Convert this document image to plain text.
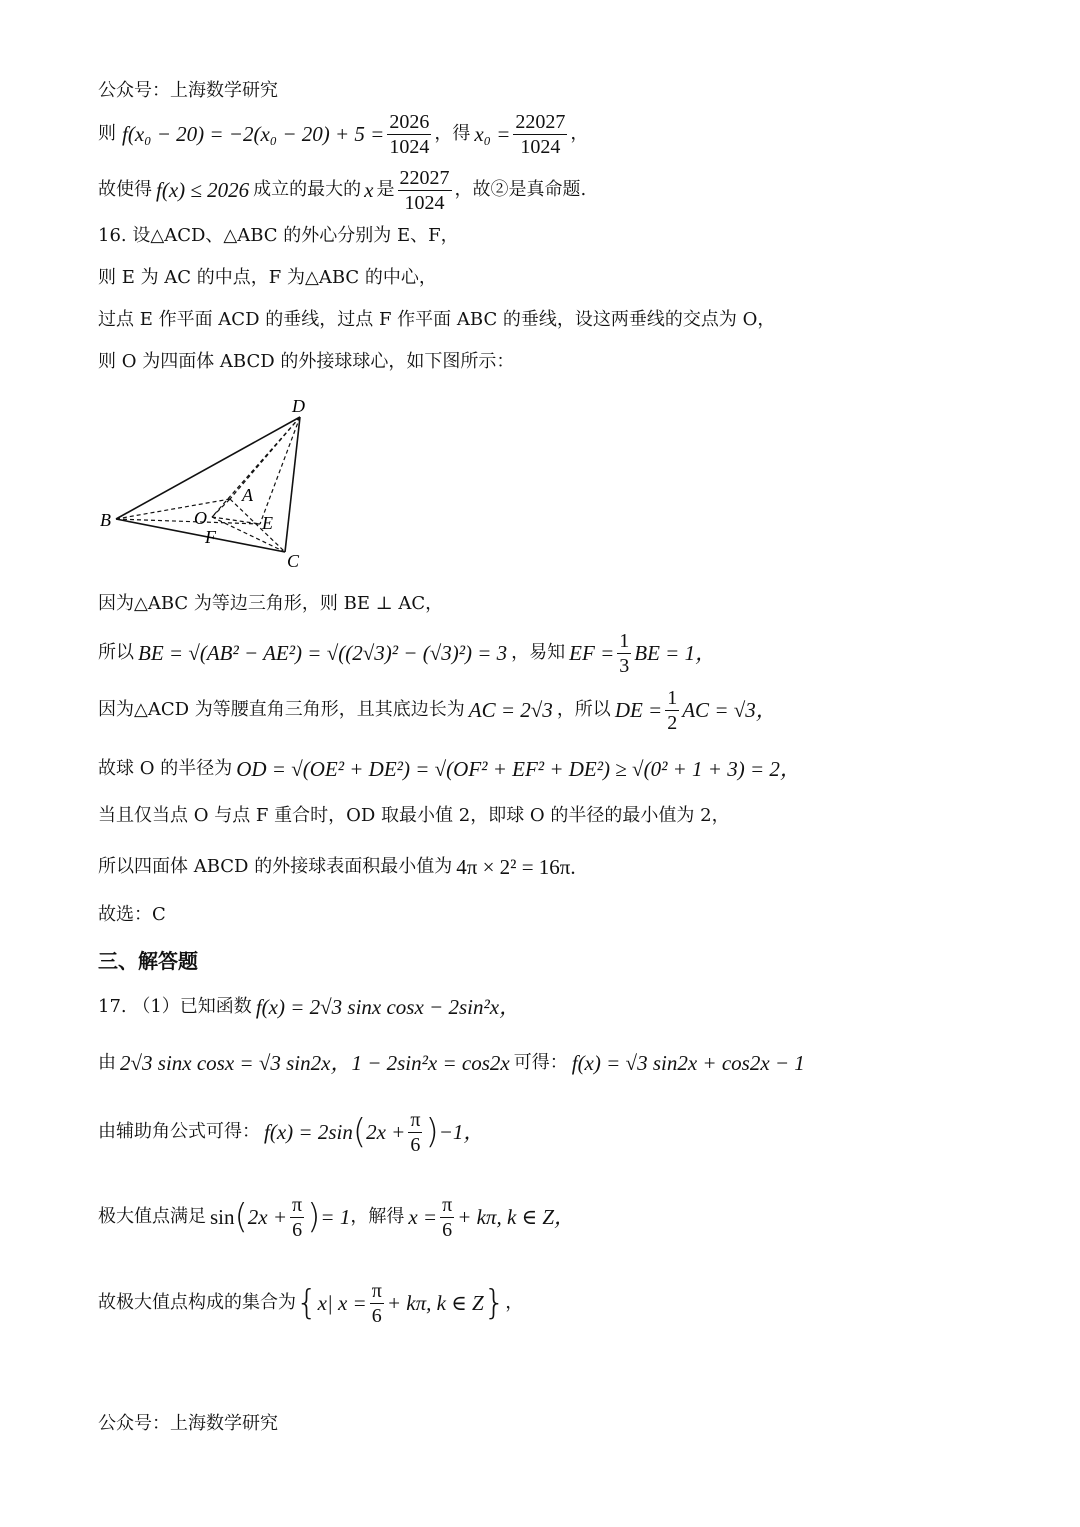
公众号：上海数学研究
则 $f(x_0 - 20) = -2(x_0 - 20) + 5 = \frac{2026}{1024}$ ，得 $x_0 = \frac{22027}{1024}$ ，
故使得 f(x) ≤ 2026 成立的最大的 x 是 $\frac{22027}{1024}$ ，故②是真命题.
16. 设△ACD、△ABC 的外心分别为 E、F，
则 E 为 AC 的中点，F 为△ABC 的中心，
过点 E 作平面 ACD 的垂线，过点 F 作平面 ABC 的垂线，设这两垂线的交点为 O，
则 O 为四面体 ABCD 的外接球球心，如下图所示：
D
A
B	O	E
F
C
因为△ABC 为等边三角形，则 BE ⊥ AC，
所以 BE = √(AB² − AE²) = √((2√3)² − (√3)²) = 3 ，易知 EF = $\frac{1}{3}$ BE = 1，
因为△ACD 为等腰直角三角形，且其底边长为 AC = 2√3 ，所以 DE = $\frac{1}{2}$ AC = √3，
故球 O 的半径为 OD = √(OE² + DE²) = √(OF² + EF² + DE²) ≥ √(0² + 1 + 3) = 2，
当且仅当点 O 与点 F 重合时，OD 取最小值 2，即球 O 的半径的最小值为 2，
所以四面体 ABCD 的外接球表面积最小值为 4π × 2² = 16π.
故选：C
三、解答题
17. （1）已知函数 f(x) = 2√3 sinx cosx − 2sin²x，
由 2√3 sinx cosx = √3 sin2x，1 − 2sin²x = cos2x 可得： f(x) = √3 sin2x + cos2x − 1
由辅助角公式可得： f(x) = 2sin ( $2x + \frac{\pi}{6}$ ) −1，
极大值点满足 sin ( $2x + \frac{\pi}{6}$ ) = 1 ，解得 $x = \frac{\pi}{6} + k\pi$, k ∈ Z，
故极大值点构成的集合为 { x| $x = \frac{\pi}{6} + k\pi$, k ∈ Z } ，
公众号：上海数学研究
